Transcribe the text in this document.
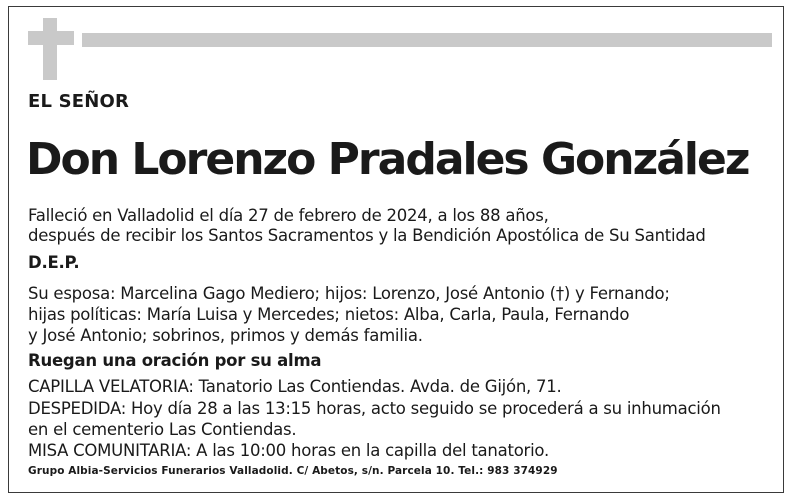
EL SEÑOR
Don Lorenzo Pradales González
Falleció en Valladolid el día 27 de febrero de 2024, a los 88 años,
después de recibir los Santos Sacramentos y la Bendición Apostólica de Su Santidad
D.E.P.
Su esposa: Marcelina Gago Mediero; hijos: Lorenzo, José Antonio (†) y Fernando;
hijas políticas: María Luisa y Mercedes; nietos: Alba, Carla, Paula, Fernando
y José Antonio; sobrinos, primos y demás familia.
Ruegan una oración por su alma
CAPILLA VELATORIA: Tanatorio Las Contiendas. Avda. de Gijón, 71.
DESPEDIDA: Hoy día 28 a las 13:15 horas, acto seguido se procederá a su inhumación
en el cementerio Las Contiendas.
MISA COMUNITARIA: A las 10:00 horas en la capilla del tanatorio.
Grupo Albia-Servicios Funerarios Valladolid. C/ Abetos, s/n. Parcela 10. Tel.: 983 374929
